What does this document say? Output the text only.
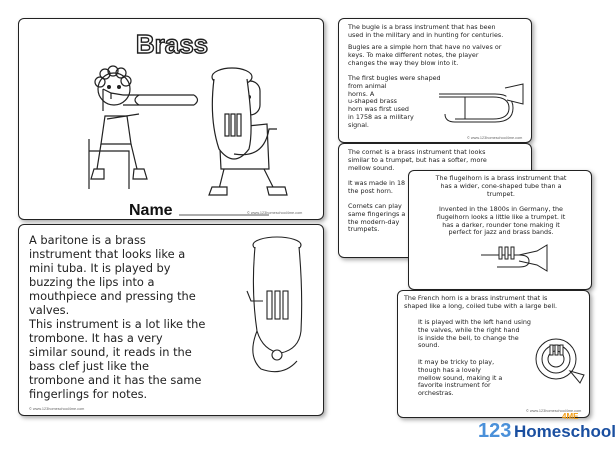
Brass
Name	© www.123homeschool4me.com
A baritone is a brass
instrument that looks like a
mini tuba. It is played by
buzzing the lips into a
mouthpiece and pressing the
valves.
This instrument is a lot like the
trombone. It has a very
similar sound, it reads in the
bass clef just like the
trombone and it has the same
fingerlings for notes.
© www.123homeschool4me.com
The bugle is a brass instrument that has been
used in the military and in hunting for centuries.
Bugles are a simple horn that have no valves or
keys. To make different notes, the player
changes the way they blow into it.
The first bugles were shaped
from animal
horns. A
u-shaped brass
horn was first used
in 1758 as a military
signal.
© www.123homeschool4me.com
The cornet is a brass instrument that looks
similar to a trumpet, but has a softer, more
mellow sound.
It was made in 18
the post horn.
Cornets can play
same fingerings a
the modern-day
trumpets.
The flugelhorn is a brass instrument that
has a wider, cone-shaped tube than a
trumpet.
Invented in the 1800s in Germany, the
flugelhorn looks a little like a trumpet. It
has a darker, rounder tone making it
perfect for jazz and brass bands.
The French horn is a brass instrument that is
shaped like a long, coiled tube with a large bell.
It is played with the left hand using
the valves, while the right hand
is inside the bell, to change the
sound.
It may be tricky to play,
though has a lovely
mellow sound, making it a
favorite instrument for
orchestras.
© www.123homeschool4me.com
123 Homeschool
4ME
